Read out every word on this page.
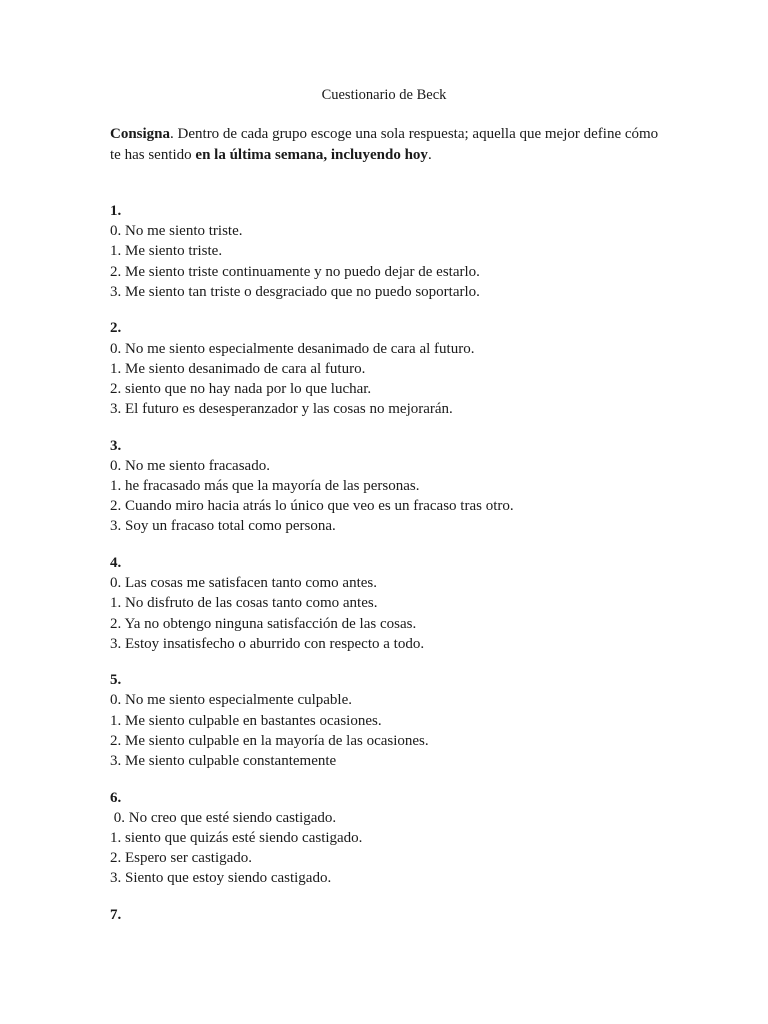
Cuestionario de Beck
Consigna. Dentro de cada grupo escoge una sola respuesta; aquella que mejor define cómo te has sentido en la última semana, incluyendo hoy.
1.
0. No me siento triste.
1. Me siento triste.
2. Me siento triste continuamente y no puedo dejar de estarlo.
3. Me siento tan triste o desgraciado que no puedo soportarlo.
2.
0. No me siento especialmente desanimado de cara al futuro.
1. Me siento desanimado de cara al futuro.
2. siento que no hay nada por lo que luchar.
3. El futuro es desesperanzador y las cosas no mejorarán.
3.
0. No me siento fracasado.
1. he fracasado más que la mayoría de las personas.
2. Cuando miro hacia atrás lo único que veo es un fracaso tras otro.
3. Soy un fracaso total como persona.
4.
0. Las cosas me satisfacen tanto como antes.
1. No disfruto de las cosas tanto como antes.
2. Ya no obtengo ninguna satisfacción de las cosas.
3. Estoy insatisfecho o aburrido con respecto a todo.
5.
0. No me siento especialmente culpable.
1. Me siento culpable en bastantes ocasiones.
2. Me siento culpable en la mayoría de las ocasiones.
3. Me siento culpable constantemente
6.
0. No creo que esté siendo castigado.
1. siento que quizás esté siendo castigado.
2. Espero ser castigado.
3. Siento que estoy siendo castigado.
7.
